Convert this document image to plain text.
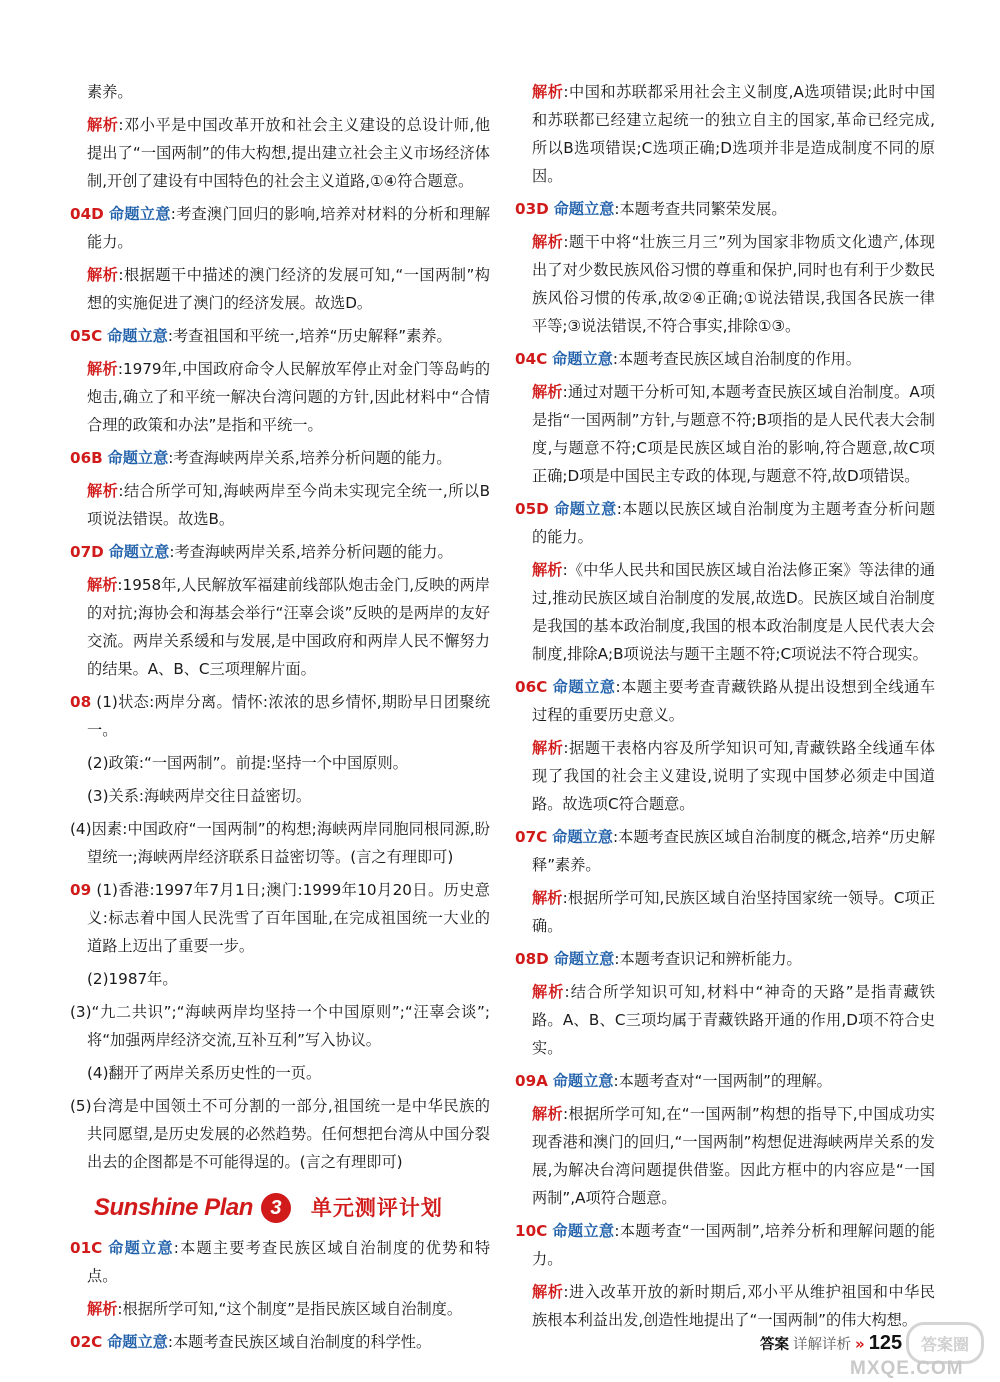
素养。

解析:邓小平是中国改革开放和社会主义建设的总设计师,他提出了“一国两制”的伟大构想,提出建立社会主义市场经济体制,开创了建设有中国特色的社会主义道路,①④符合题意。

04D 命题立意:考查澳门回归的影响,培养对材料的分析和理解能力。

解析:根据题干中描述的澳门经济的发展可知,“一国两制”构想的实施促进了澳门的经济发展。故选D。

05C 命题立意:考查祖国和平统一,培养“历史解释”素养。

解析:1979年,中国政府命令人民解放军停止对金门等岛屿的炮击,确立了和平统一解决台湾问题的方针,因此材料中“合情合理的政策和办法”是指和平统一。

06B 命题立意:考查海峡两岸关系,培养分析问题的能力。

解析:结合所学可知,海峡两岸至今尚未实现完全统一,所以B项说法错误。故选B。

07D 命题立意:考查海峡两岸关系,培养分析问题的能力。

解析:1958年,人民解放军福建前线部队炮击金门,反映的两岸的对抗;海协会和海基会举行“汪辜会谈”反映的是两岸的友好交流。两岸关系缓和与发展,是中国政府和两岸人民不懈努力的结果。A、B、C三项理解片面。

08 (1)状态:两岸分离。情怀:浓浓的思乡情怀,期盼早日团聚统一。

(2)政策:“一国两制”。前提:坚持一个中国原则。

(3)关系:海峡两岸交往日益密切。

(4)因素:中国政府“一国两制”的构想;海峡两岸同胞同根同源,盼望统一;海峡两岸经济联系日益密切等。(言之有理即可)

09 (1)香港:1997年7月1日;澳门:1999年10月20日。历史意义:标志着中国人民洗雪了百年国耻,在完成祖国统一大业的道路上迈出了重要一步。

(2)1987年。

(3)“九二共识”;“海峡两岸均坚持一个中国原则”;“汪辜会谈”;将“加强两岸经济交流,互补互利”写入协议。

(4)翻开了两岸关系历史性的一页。

(5)台湾是中国领土不可分割的一部分,祖国统一是中华民族的共同愿望,是历史发展的必然趋势。任何想把台湾从中国分裂出去的企图都是不可能得逞的。(言之有理即可)

Sunshine Plan 3	单元测评计划

01C 命题立意:本题主要考查民族区域自治制度的优势和特点。

解析:根据所学可知,“这个制度”是指民族区域自治制度。

02C 命题立意:本题考查民族区域自治制度的科学性。

解析:中国和苏联都采用社会主义制度,A选项错误;此时中国和苏联都已经建立起统一的独立自主的国家,革命已经完成,所以B选项错误;C选项正确;D选项并非是造成制度不同的原因。

03D 命题立意:本题考查共同繁荣发展。

解析:题干中将“壮族三月三”列为国家非物质文化遗产,体现出了对少数民族风俗习惯的尊重和保护,同时也有利于少数民族风俗习惯的传承,故②④正确;①说法错误,我国各民族一律平等;③说法错误,不符合事实,排除①③。

04C 命题立意:本题考查民族区域自治制度的作用。

解析:通过对题干分析可知,本题考查民族区域自治制度。A项是指“一国两制”方针,与题意不符;B项指的是人民代表大会制度,与题意不符;C项是民族区域自治的影响,符合题意,故C项正确;D项是中国民主专政的体现,与题意不符,故D项错误。

05D 命题立意:本题以民族区域自治制度为主题考查分析问题的能力。

解析:《中华人民共和国民族区域自治法修正案》等法律的通过,推动民族区域自治制度的发展,故选D。民族区域自治制度是我国的基本政治制度,我国的根本政治制度是人民代表大会制度,排除A;B项说法与题干主题不符;C项说法不符合现实。

06C 命题立意:本题主要考查青藏铁路从提出设想到全线通车过程的重要历史意义。

解析:据题干表格内容及所学知识可知,青藏铁路全线通车体现了我国的社会主义建设,说明了实现中国梦必须走中国道路。故选项C符合题意。

07C 命题立意:本题考查民族区域自治制度的概念,培养“历史解释”素养。

解析:根据所学可知,民族区域自治坚持国家统一领导。C项正确。

08D 命题立意:本题考查识记和辨析能力。

解析:结合所学知识可知,材料中“神奇的天路”是指青藏铁路。A、B、C三项均属于青藏铁路开通的作用,D项不符合史实。

09A 命题立意:本题考查对“一国两制”的理解。

解析:根据所学可知,在“一国两制”构想的指导下,中国成功实现香港和澳门的回归,“一国两制”构想促进海峡两岸关系的发展,为解决台湾问题提供借鉴。因此方框中的内容应是“一国两制”,A项符合题意。

10C 命题立意:本题考查“一国两制”,培养分析和理解问题的能力。

解析:进入改革开放的新时期后,邓小平从维护祖国和中华民族根本利益出发,创造性地提出了“一国两制”的伟大构想。

答案 详解详析 » 125	答案圈
MXQE.COM
